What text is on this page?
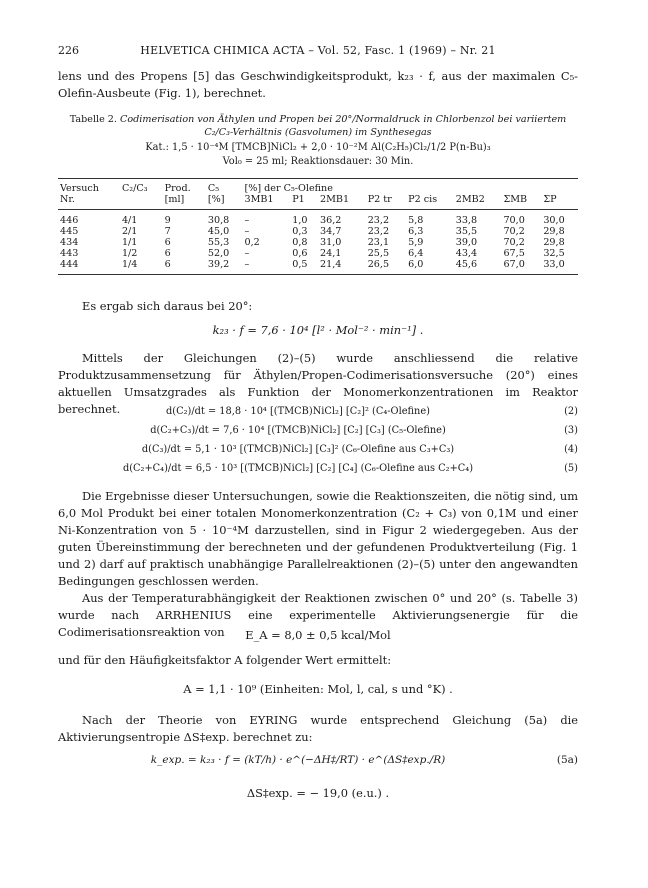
226	HELVETICA CHIMICA ACTA – Vol. 52, Fasc. 1 (1969) – Nr. 21
lens und des Propens [5] das Geschwindigkeitsprodukt, k₂₃ · f, aus der maximalen C₅-Olefin-Ausbeute (Fig. 1), berechnet.
Tabelle 2. Codimerisation von Äthylen und Propen bei 20°/Normaldruck in Chlorbenzol bei variiertem
C₂/C₃-Verhältnis (Gasvolumen) im Synthesegas
Kat.: 1,5 · 10⁻⁴M [TMCB]NiCl₂ + 2,0 · 10⁻²M Al(C₂H₅)Cl₂/1/2 P(n-Bu)₃
Vol₀ = 25 ml; Reaktionsdauer: 30 Min.
Versuch	C₂/C₃	Prod.	C₅	[%] der C₅-Olefine							
Nr.		[ml]	[%]	3MB1	P1	2MB1	P2 tr	P2 cis	2MB2	ΣMB	ΣP
446	4/1	9	30,8	–	1,0	36,2	23,2	5,8	33,8	70,0	30,0
445	2/1	7	45,0	–	0,3	34,7	23,2	6,3	35,5	70,2	29,8
434	1/1	6	55,3	0,2	0,8	31,0	23,1	5,9	39,0	70,2	29,8
443	1/2	6	52,0	–	0,6	24,1	25,5	6,4	43,4	67,5	32,5
444	1/4	6	39,2	–	0,5	21,4	26,5	6,0	45,6	67,0	33,0
Es ergab sich daraus bei 20°:
k₂₃ · f = 7,6 · 10⁴ [l² · Mol⁻² · min⁻¹] .
Mittels der Gleichungen (2)–(5) wurde anschliessend die relative Produktzusammensetzung für Äthylen/Propen-Codimerisationsversuche (20°) eines aktuellen Umsatzgrades als Funktion der Monomerkonzentrationen im Reaktor berechnet.	d(C₂)/dt = 18,8 · 10⁴ [(TMCB)NiCl₂] [C₂]² (C₄-Olefine)	(2)
d(C₂+C₃)/dt = 7,6 · 10⁴ [(TMCB)NiCl₂] [C₂] [C₃] (C₅-Olefine)	(3)
d(C₃)/dt = 5,1 · 10³ [(TMCB)NiCl₂] [C₃]² (C₆-Olefine aus C₃+C₃)	(4)
d(C₂+C₄)/dt = 6,5 · 10³ [(TMCB)NiCl₂] [C₂] [C₄] (C₆-Olefine aus C₂+C₄)	(5)
Die Ergebnisse dieser Untersuchungen, sowie die Reaktionszeiten, die nötig sind, um 6,0 Mol Produkt bei einer totalen Monomerkonzentration (C₂ + C₃) von 0,1M und einer Ni-Konzentration von 5 · 10⁻⁴M darzustellen, sind in Figur 2 wiedergegeben. Aus der guten Übereinstimmung der berechneten und der gefundenen Produktverteilung (Fig. 1 und 2) darf auf praktisch unabhängige Parallelreaktionen (2)–(5) unter den angewandten Bedingungen geschlossen werden.
Aus der Temperaturabhängigkeit der Reaktionen zwischen 0° und 20° (s. Tabelle 3) wurde nach ARRHENIUS eine experimentelle Aktivierungsenergie für die Codimerisationsreaktion von	E_A = 8,0 ± 0,5 kcal/Mol
und für den Häufigkeitsfaktor A folgender Wert ermittelt:
A = 1,1 · 10⁹ (Einheiten: Mol, l, cal, s und °K) .
Nach der Theorie von EYRING wurde entsprechend Gleichung (5a) die Aktivierungsentropie ΔS‡exp. berechnet zu:
k_exp. = k₂₃ · f = (kT/h) · e^(−ΔH‡/RT) · e^(ΔS‡exp./R)	(5a)
ΔS‡exp. = − 19,0 (e.u.) .
